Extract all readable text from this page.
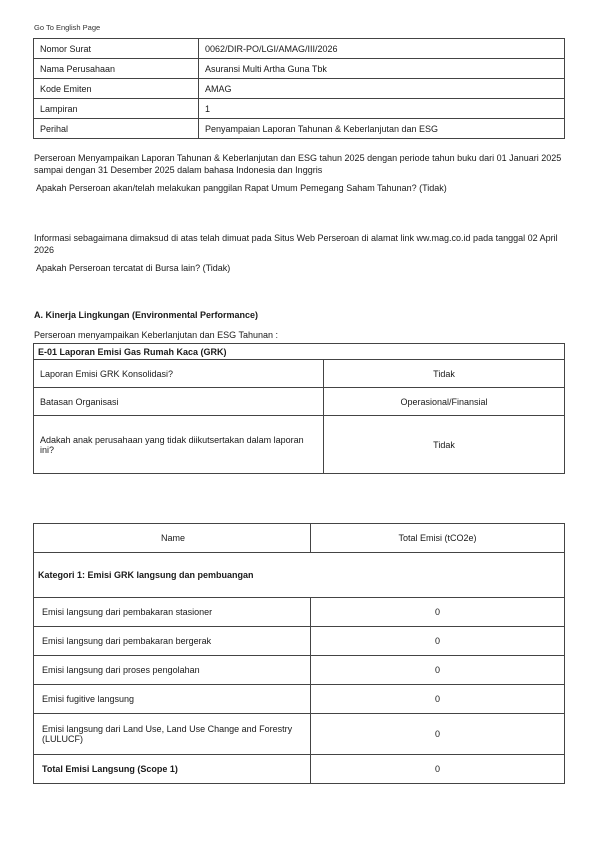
Go To English Page
Nomor Surat	0062/DIR-PO/LGI/AMAG/III/2026
Nama Perusahaan	Asuransi Multi Artha Guna Tbk
Kode Emiten	AMAG
Lampiran	1
Perihal	Penyampaian Laporan Tahunan & Keberlanjutan dan ESG

Perseroan Menyampaikan Laporan Tahunan & Keberlanjutan dan ESG tahun 2025 dengan periode tahun buku dari 01 Januari 2025 sampai dengan 31 Desember 2025 dalam bahasa Indonesia dan Inggris

Apakah Perseroan akan/telah melakukan panggilan Rapat Umum Pemegang Saham Tahunan? (Tidak)

Informasi sebagaimana dimaksud di atas telah dimuat pada Situs Web Perseroan di alamat link ww.mag.co.id pada tanggal 02 April 2026

Apakah Perseroan tercatat di Bursa lain? (Tidak)

A. Kinerja Lingkungan (Environmental Performance)

Perseroan menyampaikan Keberlanjutan dan ESG Tahunan :

E-01 Laporan Emisi Gas Rumah Kaca (GRK)	
Laporan Emisi GRK Konsolidasi?	Tidak
Batasan Organisasi	Operasional/Finansial
Adakah anak perusahaan yang tidak diikutsertakan dalam laporan ini?	Tidak
Name	Total Emisi (tCO2e)
Kategori 1: Emisi GRK langsung dan pembuangan	
Emisi langsung dari pembakaran stasioner	0
Emisi langsung dari pembakaran bergerak	0
Emisi langsung dari proses pengolahan	0
Emisi fugitive langsung	0
Emisi langsung dari Land Use, Land Use Change and Forestry (LULUCF)	0
Total Emisi Langsung (Scope 1)	0
